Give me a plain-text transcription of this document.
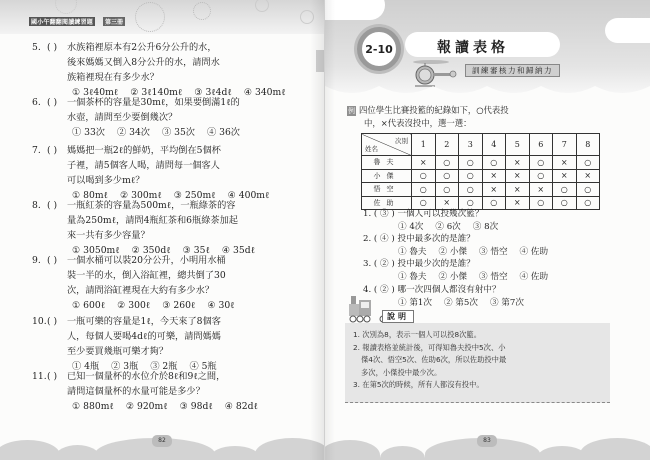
國小午翻翻閱讀練習題	第三冊
5. ( ) 水族箱裡原本有2公升6分公升的水，
後來媽媽又倒入8分公升的水，請問水
族箱裡現在有多少水？
① 3ℓ40mℓ ② 3ℓ140mℓ ③ 3ℓ4dℓ ④ 340mℓ
6. ( ) 一個茶杯的容量是30mℓ，如果要倒滿1ℓ的
水壺，請問至少要倒幾次？
① 33次 ② 34次 ③ 35次 ④ 36次
7. ( ) 媽媽把一瓶2ℓ的鮮奶，平均倒在5個杯
子裡，請5個客人喝，請問每一個客人
可以喝到多少mℓ？
① 80mℓ ② 300mℓ ③ 250mℓ ④ 400mℓ
8. ( ) 一瓶紅茶的容量為500mℓ，一瓶綠茶的容
量為250mℓ，請問4瓶紅茶和6瓶綠茶加起
來一共有多少容量？
① 3050mℓ ② 350dℓ ③ 35ℓ ④ 35dℓ
9. ( ) 一個水桶可以裝20分公升，小明用水桶
裝一半的水，倒入浴缸裡，總共倒了30
次，請問浴缸裡現在大約有多少水？
① 600ℓ ② 300ℓ ③ 260ℓ ④ 30ℓ
10. ( ) 一瓶可樂的容量是1ℓ，今天來了8個客
人，每個人要喝4dℓ的可樂，請問媽媽
至少要買幾瓶可樂才夠？
① 4瓶 ② 3瓶 ③ 2瓶 ④ 5瓶
11. ( ) 已知一個量杯的水位介於8ℓ和9ℓ之間，
請問這個量杯的水量可能是多少？
① 880mℓ ② 920mℓ ③ 98dℓ ④ 82dℓ
82
2-10	報讀表格
訓練審核力和歸納力
例 四位學生比賽投籃的紀錄如下，○代表投
中，×代表沒投中，選一選：
次別
姓名	1	2	3	4	5	6	7	8
魯夫	×	○	○	○	×	○	×	○
小傑	○	○	○	×	×	○	×	×
悟空	○	○	○	×	×	×	○	○
佐助	○	×	○	○	×	○	○	○
1. ( ③ ) 一個人可以投幾次籃？
① 4次 ② 6次 ③ 8次
2. ( ④ ) 投中最多次的是誰？
① 魯夫 ② 小傑 ③ 悟空 ④ 佐助
3. ( ② ) 投中最少次的是誰？
① 魯夫 ② 小傑 ③ 悟空 ④ 佐助
4. ( ② ) 哪一次四個人都沒有射中？
① 第1次 ② 第5次 ③ 第7次
說明
1. 次別為8，表示一個人可以投8次籃。
2. 報讀表格並統計後，可得知魯夫投中5次、小
傑4次、悟空5次、佐助6次，所以佐助投中最
多次，小傑投中最少次。
3. 在第5次的時候，所有人都沒有投中。
83
